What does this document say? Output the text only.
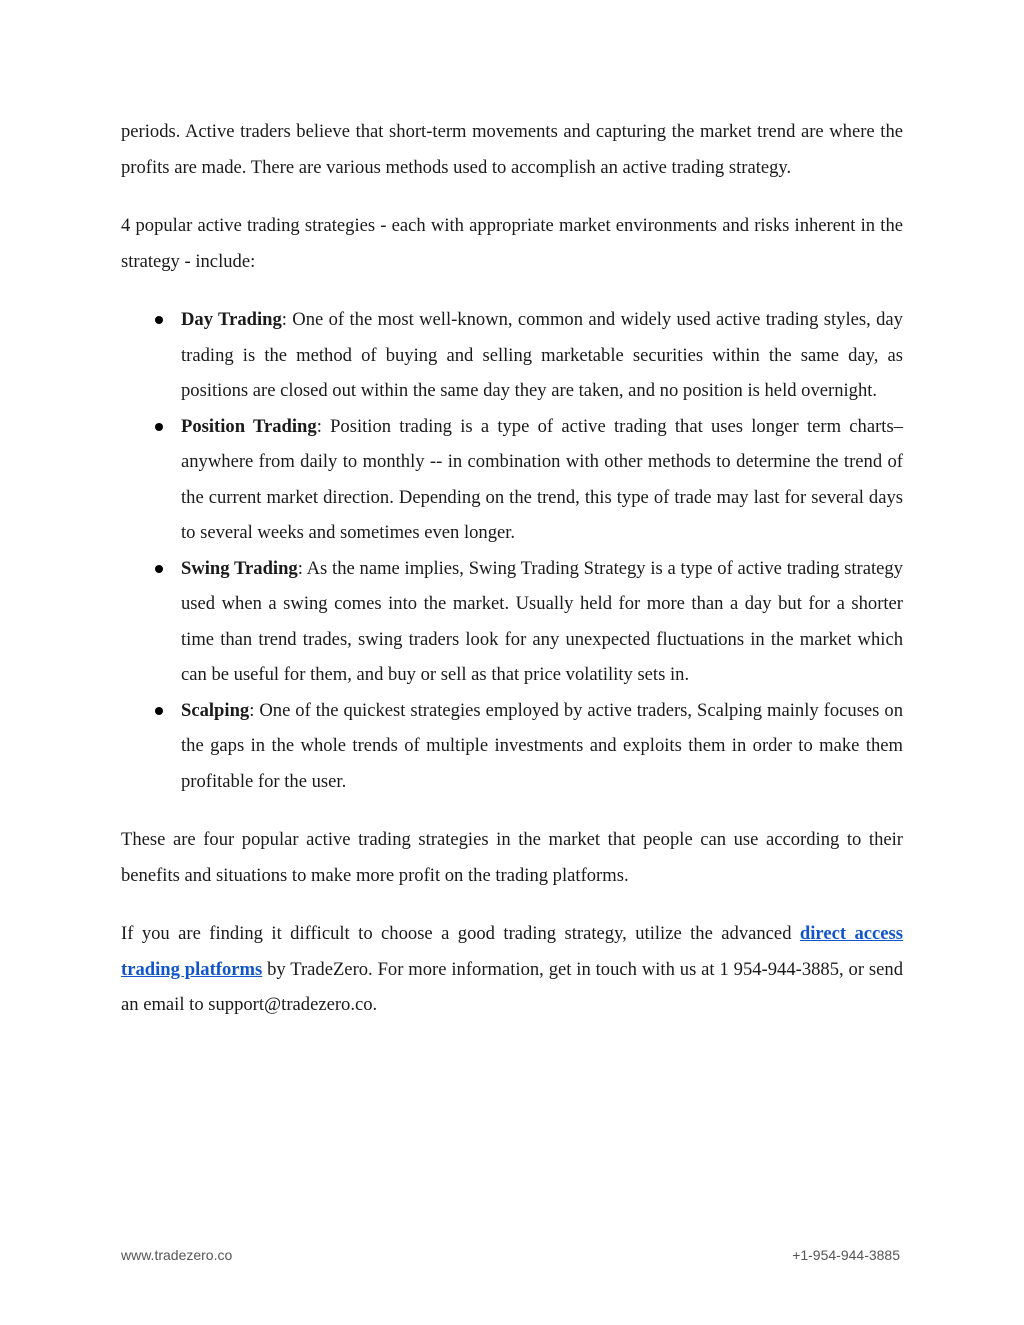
periods. Active traders believe that short-term movements and capturing the market trend are where the profits are made. There are various methods used to accomplish an active trading strategy.

4 popular active trading strategies - each with appropriate market environments and risks inherent in the strategy - include:

Day Trading: One of the most well-known, common and widely used active trading styles, day trading is the method of buying and selling marketable securities within the same day, as positions are closed out within the same day they are taken, and no position is held overnight.
Position Trading: Position trading is a type of active trading that uses longer term charts–anywhere from daily to monthly -- in combination with other methods to determine the trend of the current market direction. Depending on the trend, this type of trade may last for several days to several weeks and sometimes even longer.
Swing Trading: As the name implies, Swing Trading Strategy is a type of active trading strategy used when a swing comes into the market. Usually held for more than a day but for a shorter time than trend trades, swing traders look for any unexpected fluctuations in the market which can be useful for them, and buy or sell as that price volatility sets in.
Scalping: One of the quickest strategies employed by active traders, Scalping mainly focuses on the gaps in the whole trends of multiple investments and exploits them in order to make them profitable for the user.

These are four popular active trading strategies in the market that people can use according to their benefits and situations to make more profit on the trading platforms.

If you are finding it difficult to choose a good trading strategy, utilize the advanced direct access trading platforms by TradeZero. For more information, get in touch with us at 1 954-944-3885, or send an email to support@tradezero.co.

www.tradezero.co	+1-954-944-3885
